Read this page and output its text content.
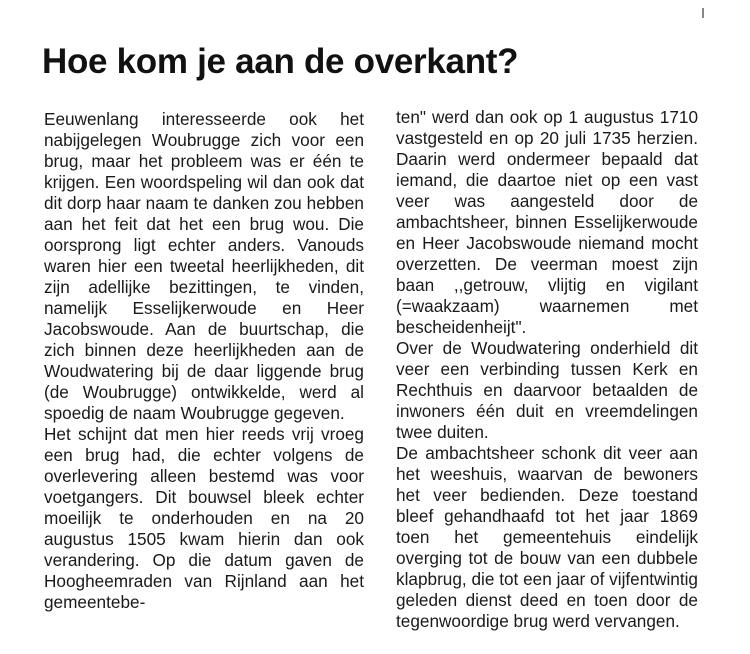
Hoe kom je aan de overkant?

Eeuwenlang interesseerde ook het nabijgelegen Woubrugge zich voor een brug, maar het probleem was er één te krijgen. Een woordspeling wil dan ook dat dit dorp haar naam te danken zou hebben aan het feit dat het een brug wou. Die oorsprong ligt echter anders. Vanouds waren hier een tweetal heerlijkheden, dit zijn adellijke bezittingen, te vinden, namelijk Esselijkerwoude en Heer Jacobswoude. Aan de buurtschap, die zich binnen deze heerlijkheden aan de Woudwatering bij de daar liggende brug (de Woubrugge) ontwikkelde, werd al spoedig de naam Woubrugge gegeven.

Het schijnt dat men hier reeds vrij vroeg een brug had, die echter volgens de overlevering alleen bestemd was voor voetgangers. Dit bouwsel bleek echter moeilijk te onderhouden en na 20 augustus 1505 kwam hierin dan ook verandering. Op die datum gaven de Hoogheemraden van Rijnland aan het gemeentebe-

ten" werd dan ook op 1 augustus 1710 vastgesteld en op 20 juli 1735 herzien. Daarin werd ondermeer bepaald dat iemand, die daartoe niet op een vast veer was aangesteld door de ambachtsheer, binnen Esselijkerwoude en Heer Jacobswoude niemand mocht overzetten. De veerman moest zijn baan ,,getrouw, vlijtig en vigilant (=waakzaam) waarnemen met bescheidenheijt".

Over de Woudwatering onderhield dit veer een verbinding tussen Kerk en Rechthuis en daarvoor betaalden de inwoners één duit en vreemdelingen twee duiten.

De ambachtsheer schonk dit veer aan het weeshuis, waarvan de bewoners het veer bedienden. Deze toestand bleef gehandhaafd tot het jaar 1869 toen het gemeentehuis eindelijk overging tot de bouw van een dubbele klapbrug, die tot een jaar of vijfentwintig geleden dienst deed en toen door de tegenwoordige brug werd vervangen.
